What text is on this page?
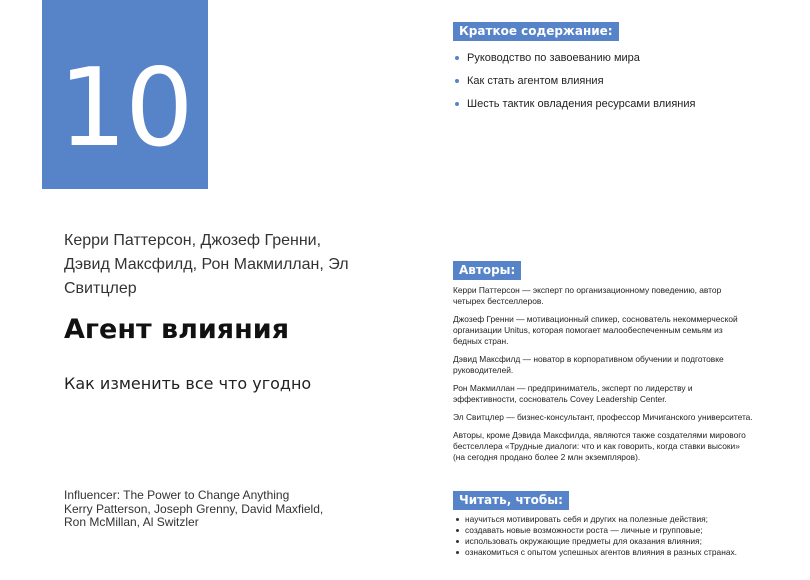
10
Керри Паттерсон, Джозеф Гренни, Дэвид Максфилд, Рон Макмиллан, Эл Свитцлер
Агент влияния
Как изменить все что угодно
Influencer: The Power to Change Anything
Kerry Patterson, Joseph Grenny, David Maxfield, Ron McMillan, Al Switzler
Краткое содержание:
Руководство по завоеванию мира
Как стать агентом влияния
Шесть тактик овладения ресурсами влияния
Авторы:

Керри Паттерсон — эксперт по организационному поведению, автор четырех бестселлеров.

Джозеф Гренни — мотивационный спикер, соснователь некоммерческой организации Unitus, которая помогает малообеспеченным семьям из бедных стран.

Дэвид Максфилд — новатор в корпоративном обучении и подготовке руководителей.

Рон Макмиллан — предприниматель, эксперт по лидерству и эффективности, соснователь Covey Leadership Center.

Эл Свитцлер — бизнес-консультант, профессор Мичиганского университета.

Авторы, кроме Дэвида Максфилда, являются также создателями мирового бестселлера «Трудные диалоги: что и как говорить, когда ставки высоки» (на сегодня продано более 2 млн экземпляров).

Читать, чтобы:
научиться мотивировать себя и других на полезные действия;
создавать новые возможности роста — личные и групповые;
использовать окружающие предметы для оказания влияния;
ознакомиться с опытом успешных агентов влияния в разных странах.
